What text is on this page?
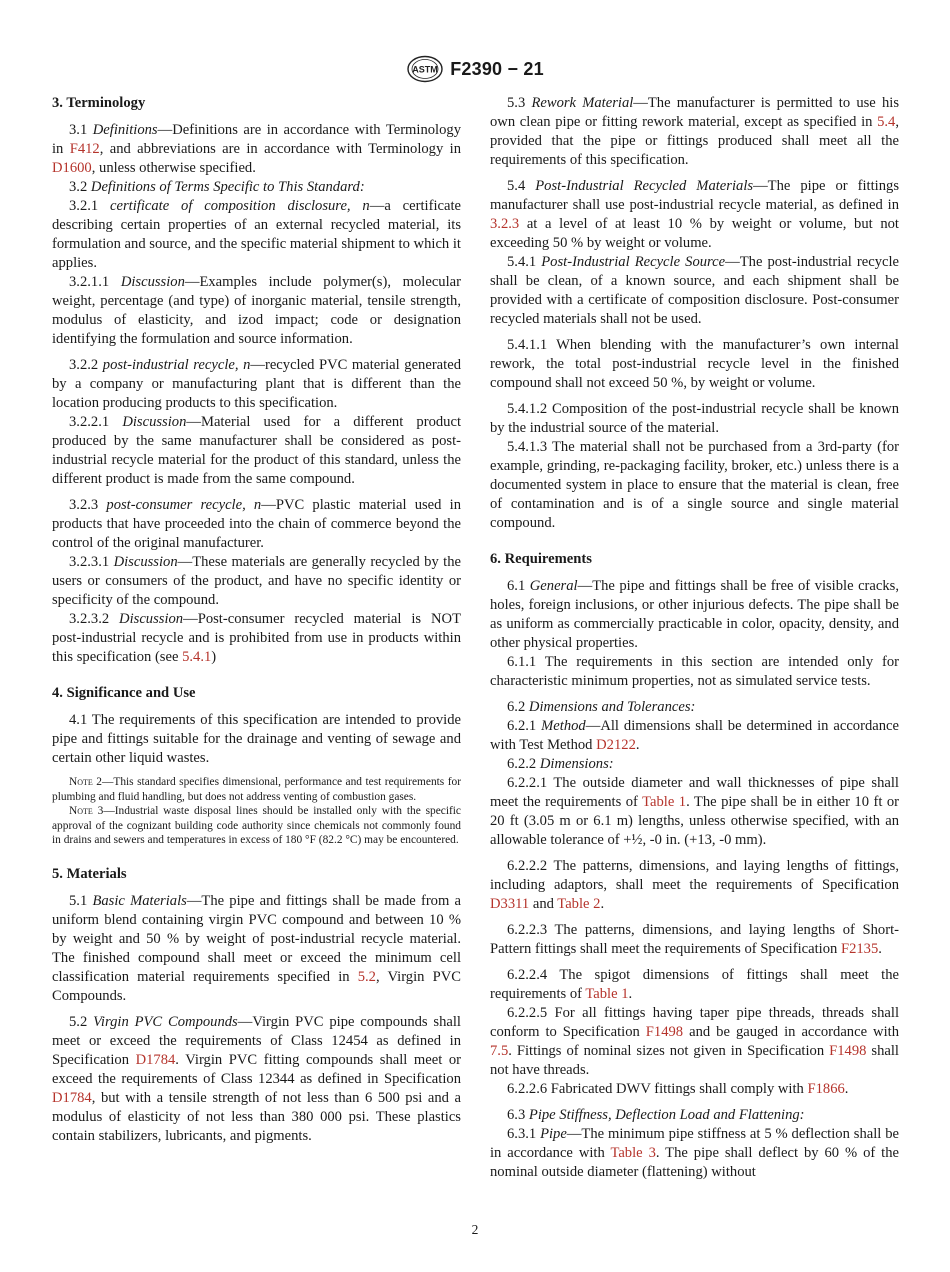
ASTM F2390 − 21
3. Terminology

3.1 Definitions—Definitions are in accordance with Terminology in F412, and abbreviations are in accordance with Terminology in D1600, unless otherwise specified.

3.2 Definitions of Terms Specific to This Standard:

3.2.1 certificate of composition disclosure, n—a certificate describing certain properties of an external recycled material, its formulation and source, and the specific material shipment to which it applies.

3.2.1.1 Discussion—Examples include polymer(s), molecular weight, percentage (and type) of inorganic material, tensile strength, modulus of elasticity, and izod impact; code or designation identifying the formulation and source information.

3.2.2 post-industrial recycle, n—recycled PVC material generated by a company or manufacturing plant that is different than the location producing products to this specification.

3.2.2.1 Discussion—Material used for a different product produced by the same manufacturer shall be considered as post-industrial recycle material for the product of this standard, unless the different product is made from the same compound.

3.2.3 post-consumer recycle, n—PVC plastic material used in products that have proceeded into the chain of commerce beyond the control of the original manufacturer.

3.2.3.1 Discussion—These materials are generally recycled by the users or consumers of the product, and have no specific identity or specificity of the compound.

3.2.3.2 Discussion—Post-consumer recycled material is NOT post-industrial recycle and is prohibited from use in products within this specification (see 5.4.1)

4. Significance and Use

4.1 The requirements of this specification are intended to provide pipe and fittings suitable for the drainage and venting of sewage and certain other liquid wastes.

Note 2—This standard specifies dimensional, performance and test requirements for plumbing and fluid handling, but does not address venting of combustion gases.

Note 3—Industrial waste disposal lines should be installed only with the specific approval of the cognizant building code authority since chemicals not commonly found in drains and sewers and temperatures in excess of 180 °F (82.2 °C) may be encountered.

5. Materials

5.1 Basic Materials—The pipe and fittings shall be made from a uniform blend containing virgin PVC compound and between 10 % by weight and 50 % by weight of post-industrial recycle material. The finished compound shall meet or exceed the minimum cell classification material requirements specified in 5.2, Virgin PVC Compounds.

5.2 Virgin PVC Compounds—Virgin PVC pipe compounds shall meet or exceed the requirements of Class 12454 as defined in Specification D1784. Virgin PVC fitting compounds shall meet or exceed the requirements of Class 12344 as defined in Specification D1784, but with a tensile strength of not less than 6 500 psi and a modulus of elasticity of not less than 380 000 psi. These plastics contain stabilizers, lubricants, and pigments.

5.3 Rework Material—The manufacturer is permitted to use his own clean pipe or fitting rework material, except as specified in 5.4, provided that the pipe or fittings produced shall meet all the requirements of this specification.

5.4 Post-Industrial Recycled Materials—The pipe or fittings manufacturer shall use post-industrial recycle material, as defined in 3.2.3 at a level of at least 10 % by weight or volume, but not exceeding 50 % by weight or volume.

5.4.1 Post-Industrial Recycle Source—The post-industrial recycle shall be clean, of a known source, and each shipment shall be provided with a certificate of composition disclosure. Post-consumer recycled materials shall not be used.

5.4.1.1 When blending with the manufacturer’s own internal rework, the total post-industrial recycle level in the finished compound shall not exceed 50 %, by weight or volume.

5.4.1.2 Composition of the post-industrial recycle shall be known by the industrial source of the material.

5.4.1.3 The material shall not be purchased from a 3rd-party (for example, grinding, re-packaging facility, broker, etc.) unless there is a documented system in place to ensure that the material is clean, free of contamination and is of a single source and single material compound.

6. Requirements

6.1 General—The pipe and fittings shall be free of visible cracks, holes, foreign inclusions, or other injurious defects. The pipe shall be as uniform as commercially practicable in color, opacity, density, and other physical properties.

6.1.1 The requirements in this section are intended only for characteristic minimum properties, not as simulated service tests.

6.2 Dimensions and Tolerances:

6.2.1 Method—All dimensions shall be determined in accordance with Test Method D2122.

6.2.2 Dimensions:

6.2.2.1 The outside diameter and wall thicknesses of pipe shall meet the requirements of Table 1. The pipe shall be in either 10 ft or 20 ft (3.05 m or 6.1 m) lengths, unless otherwise specified, with an allowable tolerance of +½, -0 in. (+13, -0 mm).

6.2.2.2 The patterns, dimensions, and laying lengths of fittings, including adaptors, shall meet the requirements of Specification D3311 and Table 2.

6.2.2.3 The patterns, dimensions, and laying lengths of Short-Pattern fittings shall meet the requirements of Specification F2135.

6.2.2.4 The spigot dimensions of fittings shall meet the requirements of Table 1.

6.2.2.5 For all fittings having taper pipe threads, threads shall conform to Specification F1498 and be gauged in accordance with 7.5. Fittings of nominal sizes not given in Specification F1498 shall not have threads.

6.2.2.6 Fabricated DWV fittings shall comply with F1866.

6.3 Pipe Stiffness, Deflection Load and Flattening:

6.3.1 Pipe—The minimum pipe stiffness at 5 % deflection shall be in accordance with Table 3. The pipe shall deflect by 60 % of the nominal outside diameter (flattening) without

2
